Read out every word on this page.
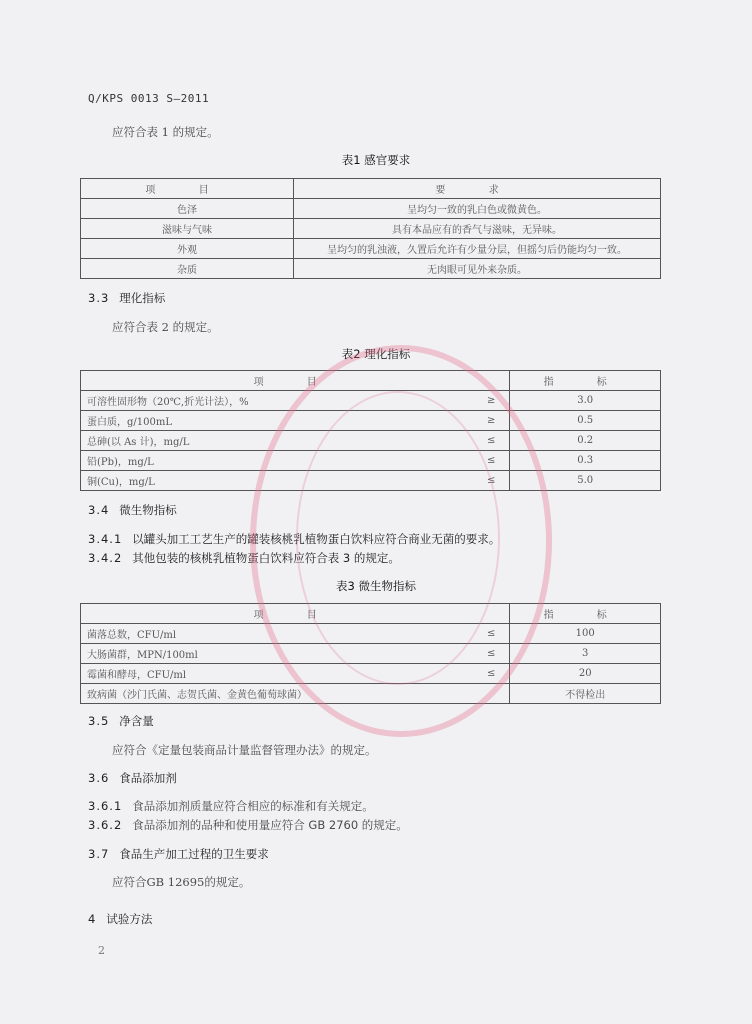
Q/KPS 0013 S—2011
应符合表 1 的规定。
表1 感官要求
项 目	要 求
色泽	呈均匀一致的乳白色或微黄色。
滋味与气味	具有本品应有的香气与滋味，无异味。
外观	呈均匀的乳浊液，久置后允许有少量分层，但摇匀后仍能均匀一致。
杂质	无肉眼可见外来杂质。
3.3 理化指标
应符合表 2 的规定。
表2 理化指标
项 目		指 标
可溶性固形物（20℃,折光计法），%	≥	3.0
蛋白质，g/100mL	≥	0.5
总砷(以 As 计)，mg/L	≤	0.2
铅(Pb)，mg/L	≤	0.3
铜(Cu)，mg/L	≤	5.0
3.4 微生物指标
3.4.1 以罐头加工工艺生产的罐装核桃乳植物蛋白饮料应符合商业无菌的要求。
3.4.2 其他包装的核桃乳植物蛋白饮料应符合表 3 的规定。
表3 微生物指标
项 目		指 标
菌落总数，CFU/ml	≤	100
大肠菌群，MPN/100ml	≤	3
霉菌和酵母，CFU/ml	≤	20
致病菌（沙门氏菌、志贺氏菌、金黄色葡萄球菌）		不得检出
3.5 净含量
应符合《定量包装商品计量监督管理办法》的规定。
3.6 食品添加剂
3.6.1 食品添加剂质量应符合相应的标准和有关规定。
3.6.2 食品添加剂的品种和使用量应符合 GB 2760 的规定。
3.7 食品生产加工过程的卫生要求
应符合GB 12695的规定。
4 试验方法
2
